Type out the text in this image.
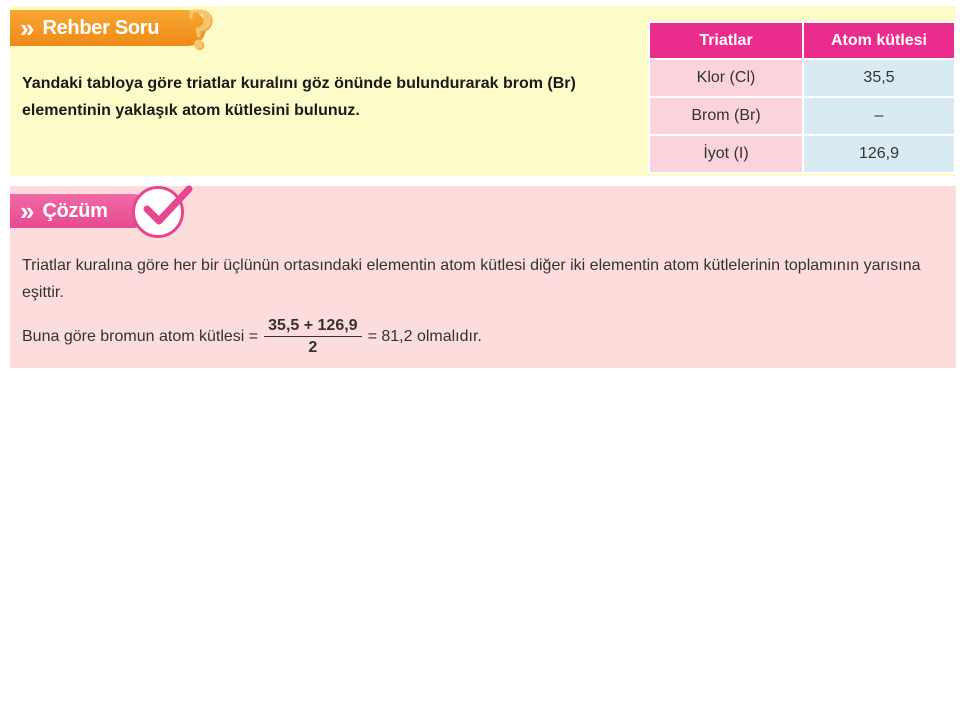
» Rehber Soru ?

Yandaki tabloya göre triatlar kuralını göz önünde bulundurarak brom (Br) elementinin yaklaşık atom kütlesini bulunuz.

Triatlar	Atom kütlesi
Klor (Cl)	35,5
Brom (Br)	–
İyot (I)	126,9
» Çözüm

Triatlar kuralına göre her bir üçlünün ortasındaki elementin atom kütlesi diğer iki elementin atom kütlelerinin toplamının yarısına eşittir.

Buna göre bromun atom kütlesi = $\frac{35,5 + 126,9}{2} = 81,2$ olmalıdır.
